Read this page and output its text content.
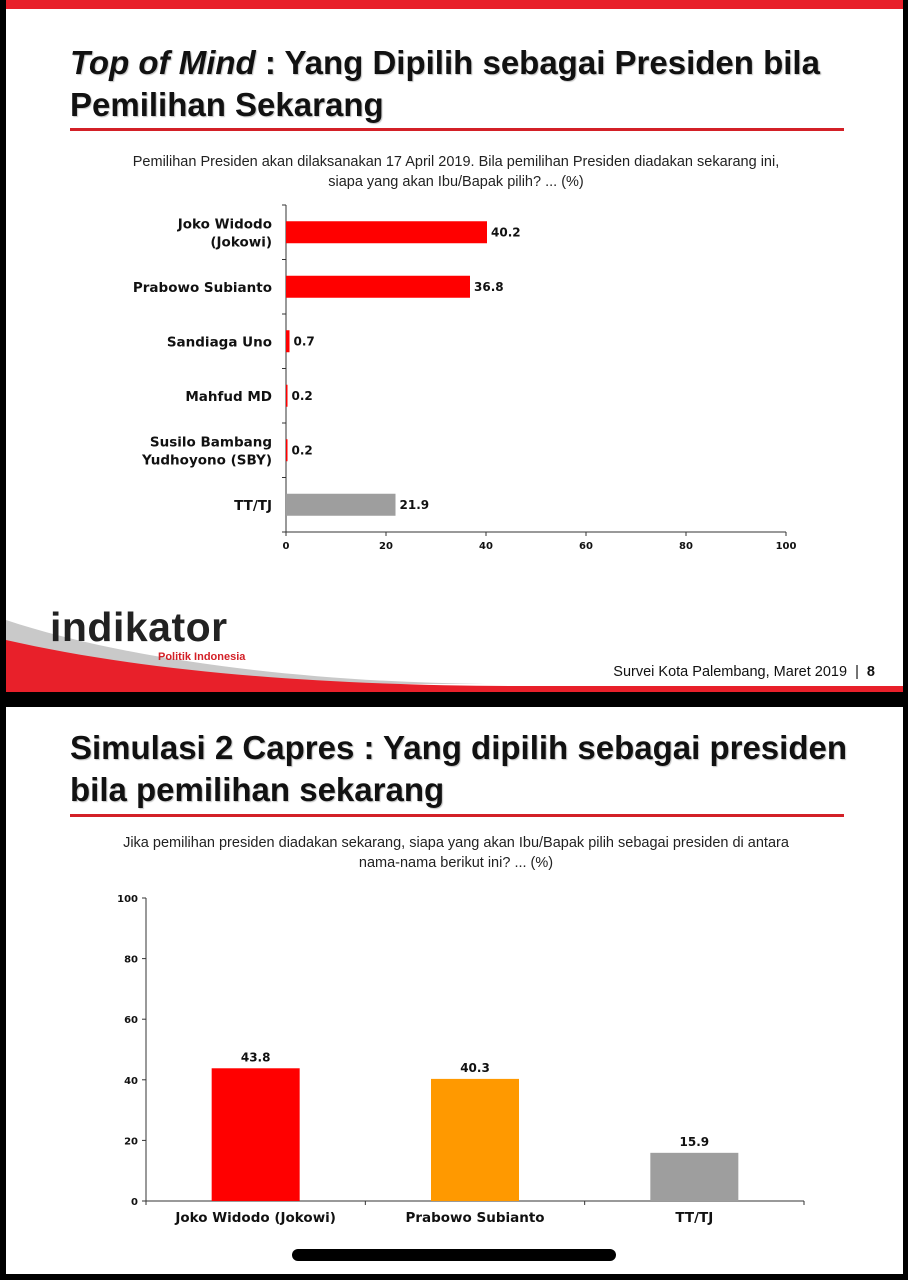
Top of Mind : Yang Dipilih sebagai Presiden bila
Pemilihan Sekarang
Pemilihan Presiden akan dilaksanakan 17 April 2019. Bila pemilihan Presiden diadakan sekarang ini,
siapa yang akan Ibu/Bapak pilih? ... (%)
0	20	40	60	80	100
40.2
Joko Widodo
(Jokowi)
36.8
Prabowo Subianto
0.7
Sandiaga Uno
0.2
Mahfud MD
0.2
Susilo Bambang
Yudhoyono (SBY)
21.9
TT/TJ
indikator
Politik Indonesia
Survei Kota Palembang, Maret 2019  |  8
Simulasi 2 Capres : Yang dipilih sebagai presiden
bila pemilihan sekarang
Jika pemilihan presiden diadakan sekarang, siapa yang akan Ibu/Bapak pilih sebagai presiden di antara
nama-nama berikut ini? ... (%)
0
20
40
60
80
100
43.8
Joko Widodo (Jokowi)
40.3
Prabowo Subianto
15.9
TT/TJ
